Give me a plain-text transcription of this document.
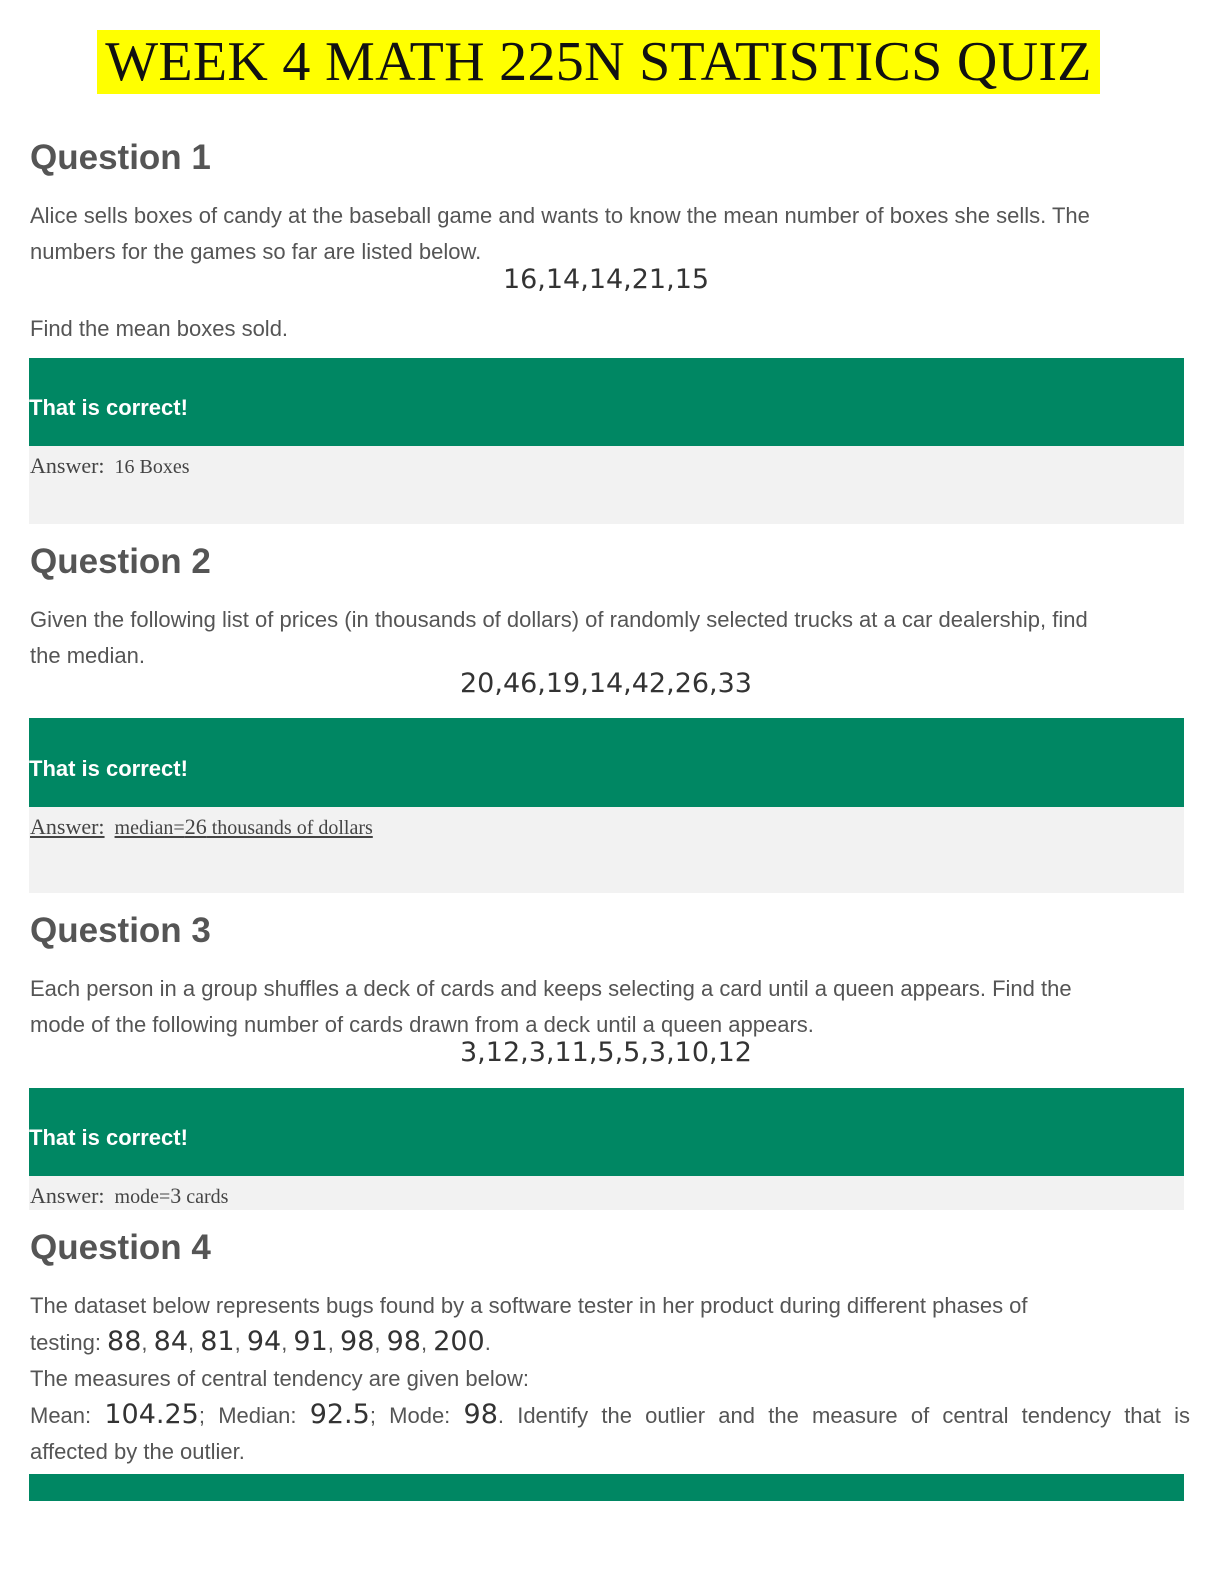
WEEK 4 MATH 225N STATISTICS QUIZ
Question 1
Alice sells boxes of candy at the baseball game and wants to know the mean number of boxes she sells. The
numbers for the games so far are listed below.
16,14,14,21,15
Find the mean boxes sold.
That is correct!
Answer: 16 Boxes
Question 2
Given the following list of prices (in thousands of dollars) of randomly selected trucks at a car dealership, find
the median.
20,46,19,14,42,26,33
That is correct!
Answer: median=26 thousands of dollars
Question 3
Each person in a group shuffles a deck of cards and keeps selecting a card until a queen appears. Find the
mode of the following number of cards drawn from a deck until a queen appears.
3,12,3,11,5,5,3,10,12
That is correct!
Answer: mode=3 cards
Question 4
The dataset below represents bugs found by a software tester in her product during different phases of
testing: 88, 84, 81, 94, 91, 98, 98, 200.
The measures of central tendency are given below:
Mean: 104.25; Median: 92.5; Mode: 98. Identify the outlier and the measure of central tendency that is
affected by the outlier.
